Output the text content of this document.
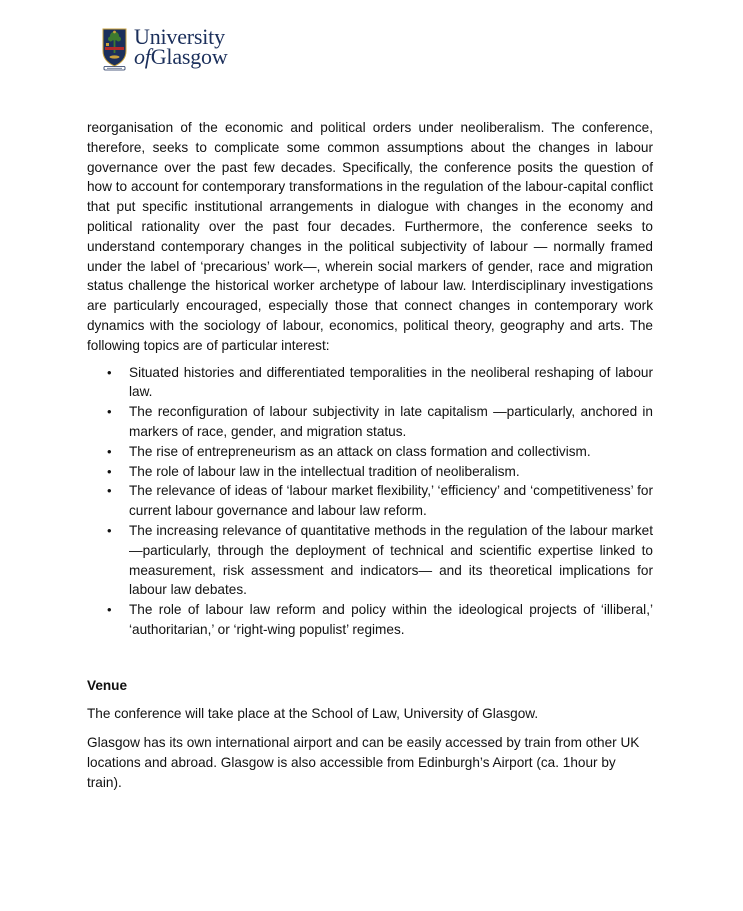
University
ofGlasgow

reorganisation of the economic and political orders under neoliberalism. The conference, therefore, seeks to complicate some common assumptions about the changes in labour governance over the past few decades. Specifically, the conference posits the question of how to account for contemporary transformations in the regulation of the labour-capital conflict that put specific institutional arrangements in dialogue with changes in the economy and political rationality over the past four decades. Furthermore, the conference seeks to understand contemporary changes in the political subjectivity of labour — normally framed under the label of ‘precarious’ work—, wherein social markers of gender, race and migration status challenge the historical worker archetype of labour law. Interdisciplinary investigations are particularly encouraged, especially those that connect changes in contemporary work dynamics with the sociology of labour, economics, political theory, geography and arts. The following topics are of particular interest:

• Situated histories and differentiated temporalities in the neoliberal reshaping of labour law.
• The reconfiguration of labour subjectivity in late capitalism —particularly, anchored in markers of race, gender, and migration status.
• The rise of entrepreneurism as an attack on class formation and collectivism.
• The role of labour law in the intellectual tradition of neoliberalism.
• The relevance of ideas of ‘labour market flexibility,’ ‘efficiency’ and ‘competitiveness’ for current labour governance and labour law reform.
• The increasing relevance of quantitative methods in the regulation of the labour market —particularly, through the deployment of technical and scientific expertise linked to measurement, risk assessment and indicators— and its theoretical implications for labour law debates.
• The role of labour law reform and policy within the ideological projects of ‘illiberal,’ ‘authoritarian,’ or ‘right-wing populist’ regimes.
Venue

The conference will take place at the School of Law, University of Glasgow.

Glasgow has its own international airport and can be easily accessed by train from other UK locations and abroad. Glasgow is also accessible from Edinburgh’s Airport (ca. 1hour by train).
